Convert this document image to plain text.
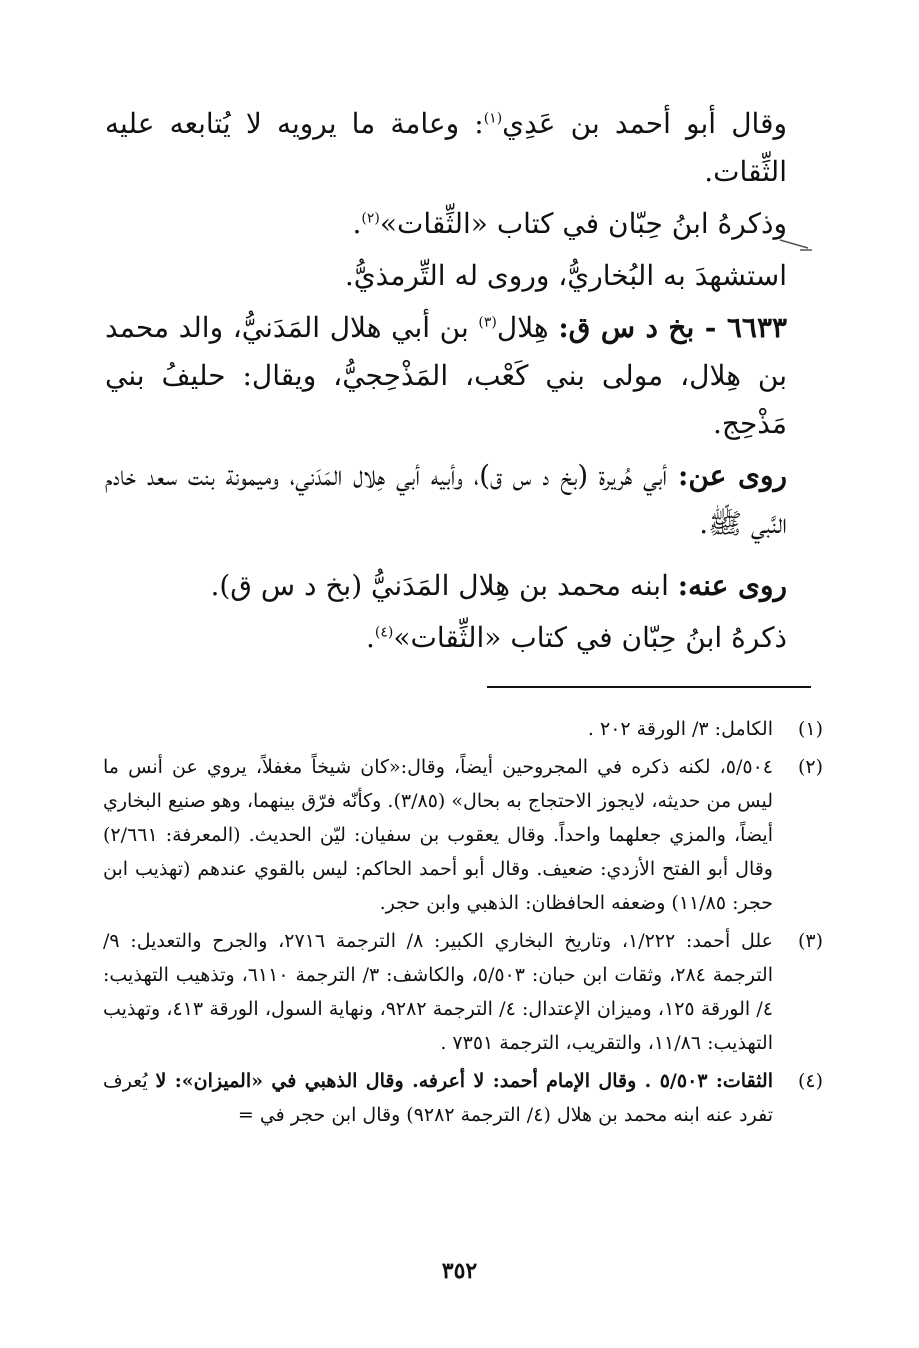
وقال أبو أحمد بن عَدِي$^{(١)}$: وعامة ما يرويه لا يُتابعه عليه الثِّقات.

وذكرهُ ابنُ حِبّان في كتاب «الثِّقات»$^{(٢)}$.

استشهدَ به البُخاريُّ، وروى له التِّرمذيُّ.

٦٦٣٣ - بخ د س ق: هِلال$^{(٣)}$ بن أبي هلال المَدَنيُّ، والد محمد بن هِلال، مولى بني كَعْب، المَذْحِجيُّ، ويقال: حليفُ بني مَذْحِج.

روى عن: أبي هُريرة (بخ د س ق)، وأبيه أبي هِلال المَدَني، وميمونة بنت سعد خادم النَّبي ﷺ.

روى عنه: ابنه محمد بن هِلال المَدَنيُّ (بخ د س ق).

ذكرهُ ابنُ حِبّان في كتاب «الثِّقات»$^{(٤)}$.

(١)
الكامل: ٣/ الورقة ٢٠٢ .
(٢)
٥/٥٠٤، لكنه ذكره في المجروحين أيضاً، وقال:«كان شيخاً مغفلاً، يروي عن أنس ما ليس من حديثه، لايجوز الاحتجاج به بحال» (٣/٨٥). وكأنّه فرّق بينهما، وهو صنيع البخاري أيضاً، والمزي جعلهما واحداً. وقال يعقوب بن سفيان: ليّن الحديث. (المعرفة: ٢/٦٦١) وقال أبو الفتح الأزدي: ضعيف. وقال أبو أحمد الحاكم: ليس بالقوي عندهم (تهذيب ابن حجر: ١١/٨٥) وضعفه الحافظان: الذهبي وابن حجر.
(٣)
علل أحمد: ١/٢٢٢، وتاريخ البخاري الكبير: ٨/ الترجمة ٢٧١٦، والجرح والتعديل: ٩/ الترجمة ٢٨٤، وثقات ابن حبان: ٥/٥٠٣، والكاشف: ٣/ الترجمة ٦١١٠، وتذهيب التهذيب: ٤/ الورقة ١٢٥، وميزان الإعتدال: ٤/ الترجمة ٩٢٨٢، ونهاية السول، الورقة ٤١٣، وتهذيب التهذيب: ١١/٨٦، والتقريب، الترجمة ٧٣٥١ .
(٤)
الثقات: ٥/٥٠٣ . وقال الإمام أحمد: لا أعرفه. وقال الذهبي في «الميزان»: لا يُعرف تفرد عنه ابنه محمد بن هلال (٤/ الترجمة ٩٢٨٢) وقال ابن حجر في =
٣٥٢
